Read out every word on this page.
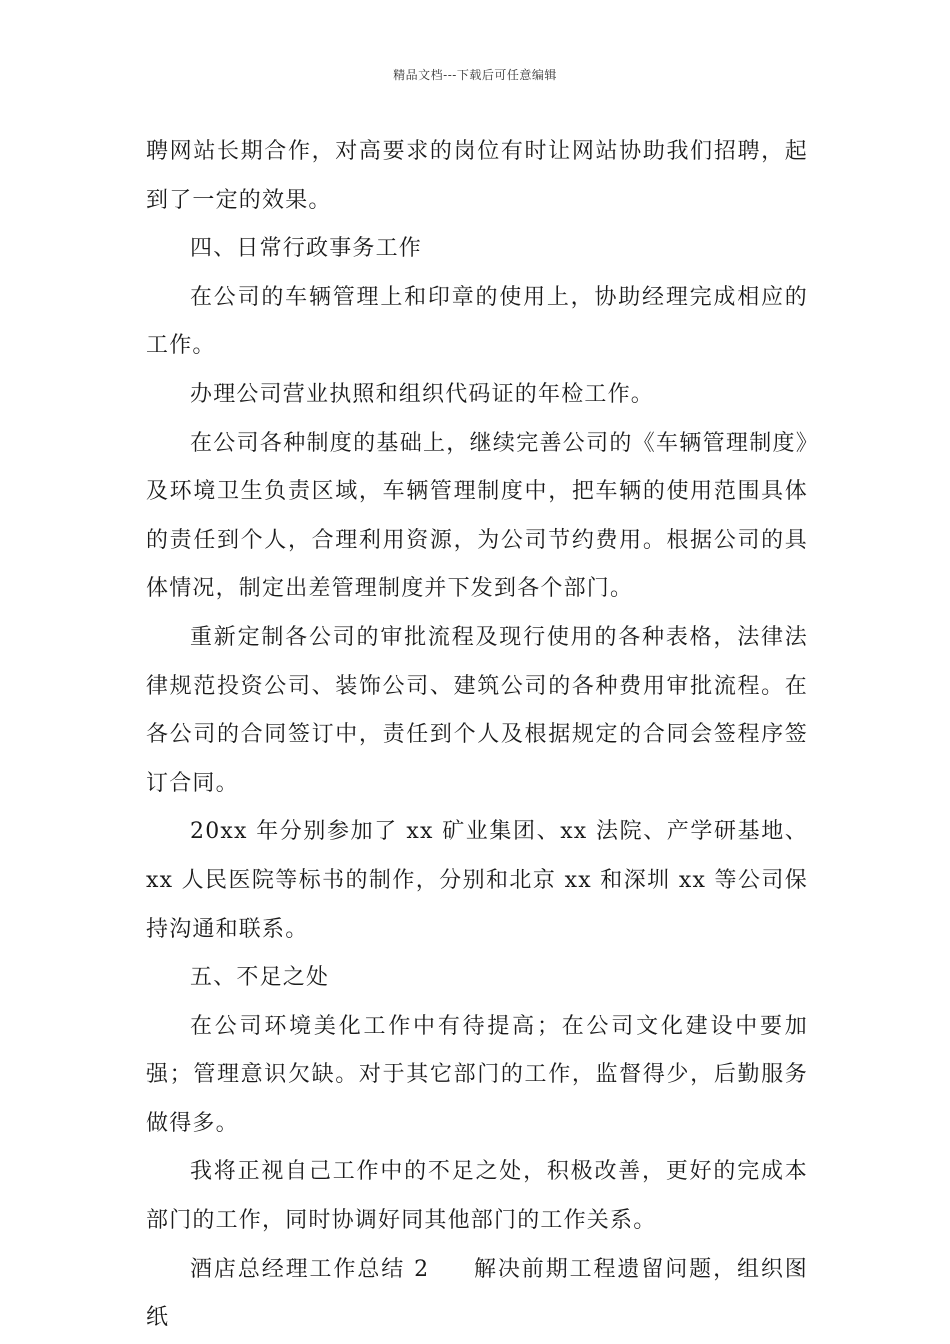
精品文档---下载后可任意编辑

聘网站长期合作，对高要求的岗位有时让网站协助我们招聘，起到了一定的效果。

四、日常行政事务工作

在公司的车辆管理上和印章的使用上，协助经理完成相应的工作。

办理公司营业执照和组织代码证的年检工作。

在公司各种制度的基础上，继续完善公司的《车辆管理制度》及环境卫生负责区域，车辆管理制度中，把车辆的使用范围具体的责任到个人，合理利用资源，为公司节约费用。根据公司的具体情况，制定出差管理制度并下发到各个部门。

重新定制各公司的审批流程及现行使用的各种表格，法律法律规范投资公司、装饰公司、建筑公司的各种费用审批流程。在各公司的合同签订中，责任到个人及根据规定的合同会签程序签订合同。

20xx 年分别参加了 xx 矿业集团、xx 法院、产学研基地、xx 人民医院等标书的制作，分别和北京 xx 和深圳 xx 等公司保持沟通和联系。

五、不足之处

在公司环境美化工作中有待提高；在公司文化建设中要加强；管理意识欠缺。对于其它部门的工作，监督得少，后勤服务做得多。

我将正视自己工作中的不足之处，积极改善，更好的完成本部门的工作，同时协调好同其他部门的工作关系。

酒店总经理工作总结 2 解决前期工程遗留问题，组织图纸
